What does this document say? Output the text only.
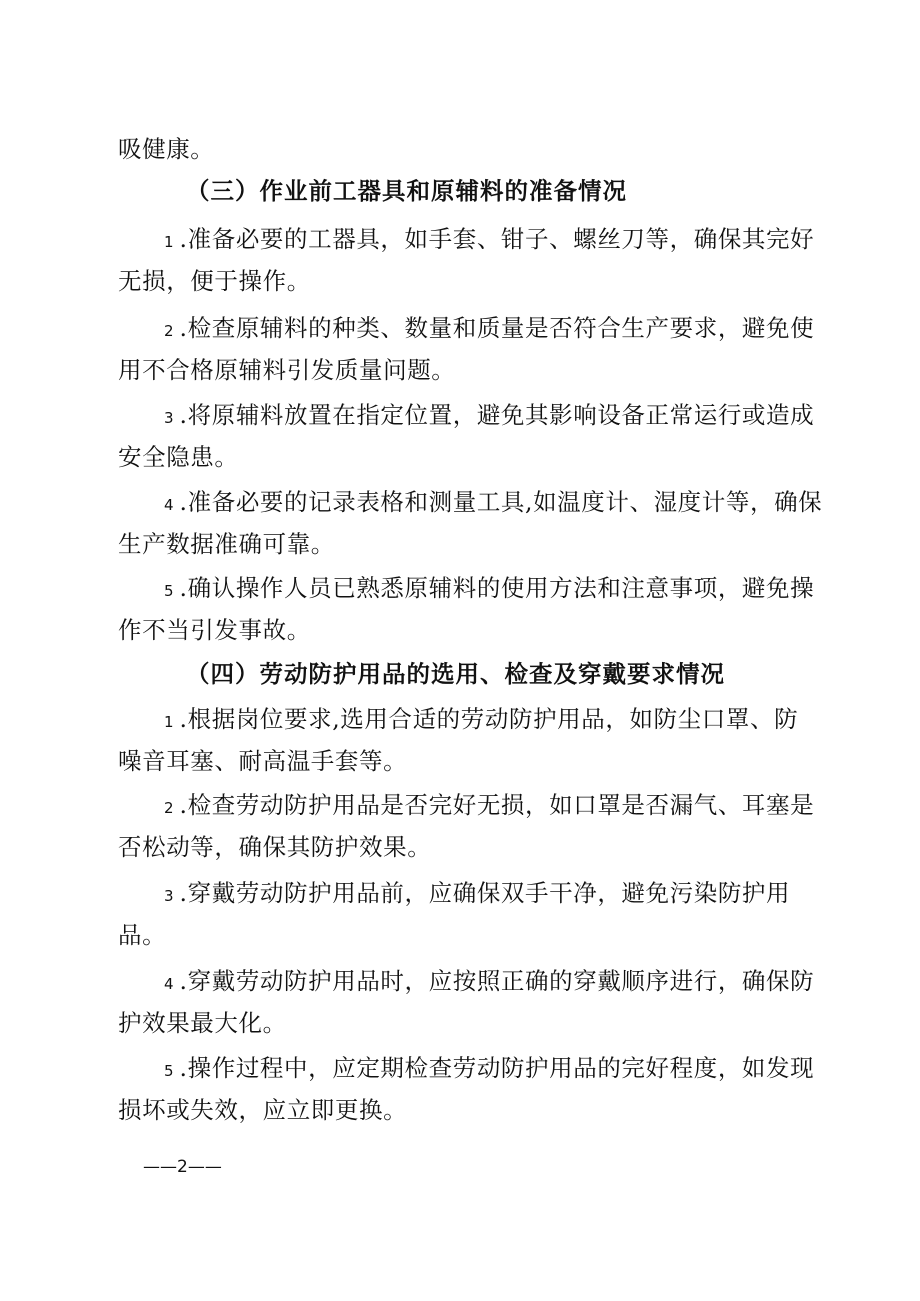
吸健康。
（三）作业前工器具和原辅料的准备情况
1 .准备必要的工器具，如手套、钳子、螺丝刀等，确保其完好
无损，便于操作。
2 .检查原辅料的种类、数量和质量是否符合生产要求，避免使
用不合格原辅料引发质量问题。
3 .将原辅料放置在指定位置，避免其影响设备正常运行或造成
安全隐患。
4 .准备必要的记录表格和测量工具,如温度计、湿度计等，确保
生产数据准确可靠。
5 .确认操作人员已熟悉原辅料的使用方法和注意事项，避免操
作不当引发事故。
（四）劳动防护用品的选用、检查及穿戴要求情况
1 .根据岗位要求,选用合适的劳动防护用品，如防尘口罩、防
噪音耳塞、耐高温手套等。
2 .检查劳动防护用品是否完好无损，如口罩是否漏气、耳塞是
否松动等，确保其防护效果。
3 .穿戴劳动防护用品前，应确保双手干净，避免污染防护用
品。
4 .穿戴劳动防护用品时，应按照正确的穿戴顺序进行，确保防
护效果最大化。
5 .操作过程中，应定期检查劳动防护用品的完好程度，如发现
损坏或失效，应立即更换。
——2——
